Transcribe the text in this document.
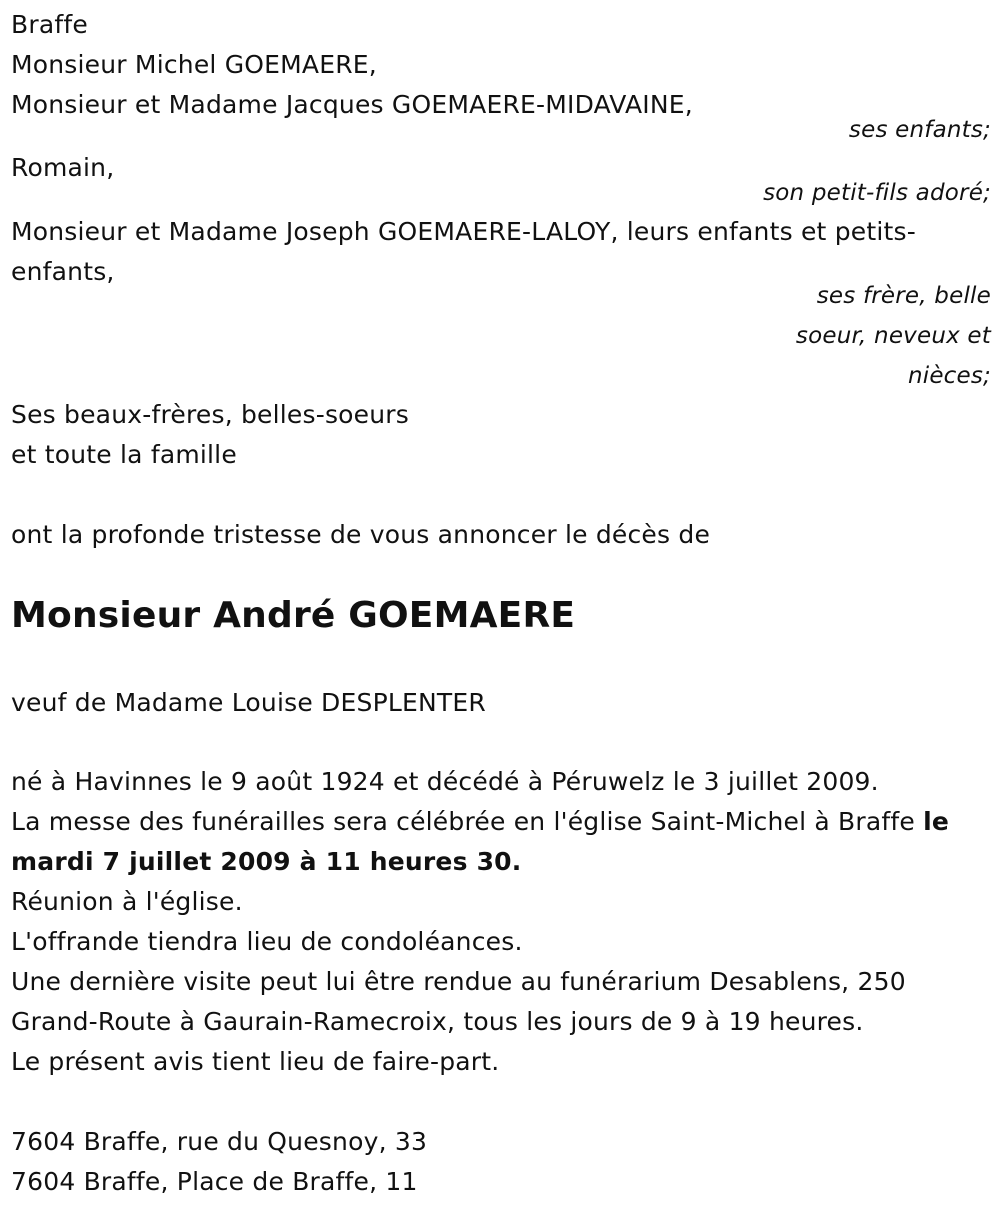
Braffe
Monsieur Michel GOEMAERE,
Monsieur et Madame Jacques GOEMAERE-MIDAVAINE,
ses enfants;
Romain,
son petit-fils adoré;
Monsieur et Madame Joseph GOEMAERE-LALOY, leurs enfants et petits-enfants,
ses frère, belle
soeur, neveux et
nièces;
Ses beaux-frères, belles-soeurs
et toute la famille
ont la profonde tristesse de vous annoncer le décès de
Monsieur André GOEMAERE
veuf de Madame Louise DESPLENTER
né à Havinnes le 9 août 1924 et décédé à Péruwelz le 3 juillet 2009.
La messe des funérailles sera célébrée en l'église Saint-Michel à Braffe le mardi 7 juillet 2009 à 11 heures 30.
Réunion à l'église.
L'offrande tiendra lieu de condoléances.
Une dernière visite peut lui être rendue au funérarium Desablens, 250 Grand-Route à Gaurain-Ramecroix, tous les jours de 9 à 19 heures.
Le présent avis tient lieu de faire-part.
7604 Braffe, rue du Quesnoy, 33
7604 Braffe, Place de Braffe, 11
